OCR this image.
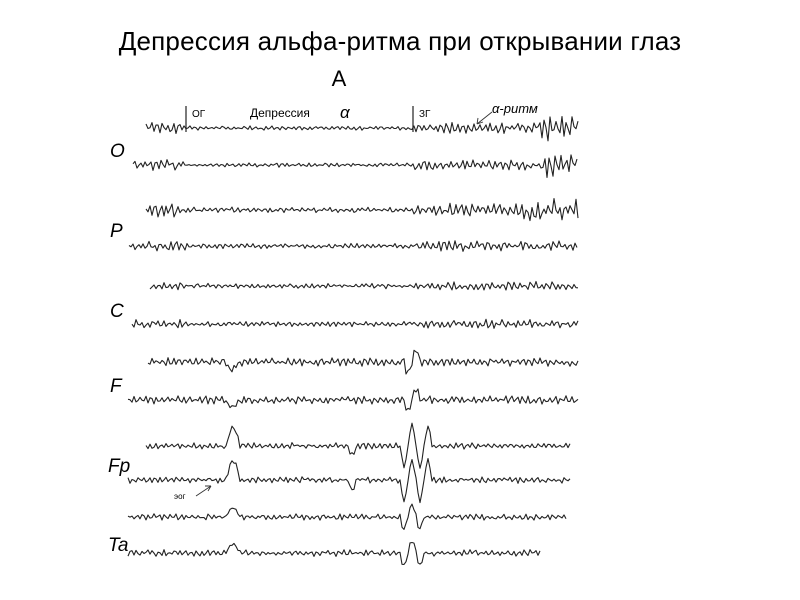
Депрессия альфа-ритма при открывании глаз
A
ОГ	Депрессия α	ЗГ	α-ритм
O
P
C
F
Fp
Ta
эог
